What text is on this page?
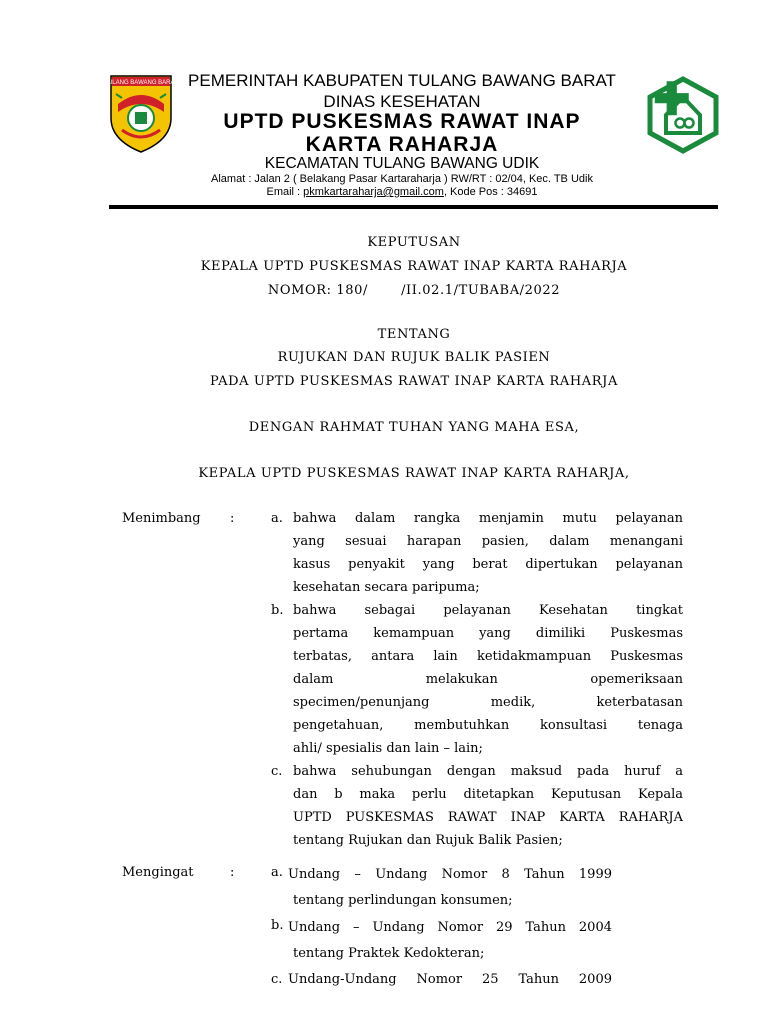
TULANG BAWANG BARAT PEMERINTAH KABUPATEN TULANG BAWANG BARAT
DINAS KESEHATAN
UPTD PUSKESMAS RAWAT INAP
KARTA RAHARJA
KECAMATAN TULANG BAWANG UDIK
Alamat : Jalan 2 ( Belakang Pasar Kartaraharja ) RW/RT : 02/04, Kec. TB Udik
Email : pkmkartaraharja@gmail.com, Kode Pos : 34691
KEPUTUSAN
KEPALA UPTD PUSKESMAS RAWAT INAP KARTA RAHARJA
NOMOR: 180/       /II.02.1/TUBABA/2022
TENTANG
RUJUKAN DAN RUJUK BALIK PASIEN
PADA UPTD PUSKESMAS RAWAT INAP KARTA RAHARJA
DENGAN RAHMAT TUHAN YANG MAHA ESA,
KEPALA UPTD PUSKESMAS RAWAT INAP KARTA RAHARJA,
Menimbang :	a. bahwa dalam rangka menjamin mutu pelayanan
yang sesuai harapan pasien, dalam menangani
kasus penyakit yang berat dipertukan pelayanan
kesehatan secara paripuma;
b. bahwa sebagai pelayanan Kesehatan tingkat
pertama kemampuan yang dimiliki Puskesmas
terbatas, antara lain ketidakmampuan Puskesmas
dalam melakukan opemeriksaan
specimen/penunjang medik, keterbatasan
pengetahuan, membutuhkan konsultasi tenaga
ahli/ spesialis dan lain – lain;
c. bahwa sehubungan dengan maksud pada huruf a
dan b maka perlu ditetapkan Keputusan Kepala
UPTD PUSKESMAS RAWAT INAP KARTA RAHARJA
tentang Rujukan dan Rujuk Balik Pasien;
Mengingat	:	a. Undang – Undang Nomor 8 Tahun 1999
tentang perlindungan konsumen;
b. Undang – Undang Nomor 29 Tahun 2004
tentang Praktek Kedokteran;
c. Undang-Undang Nomor 25 Tahun 2009
